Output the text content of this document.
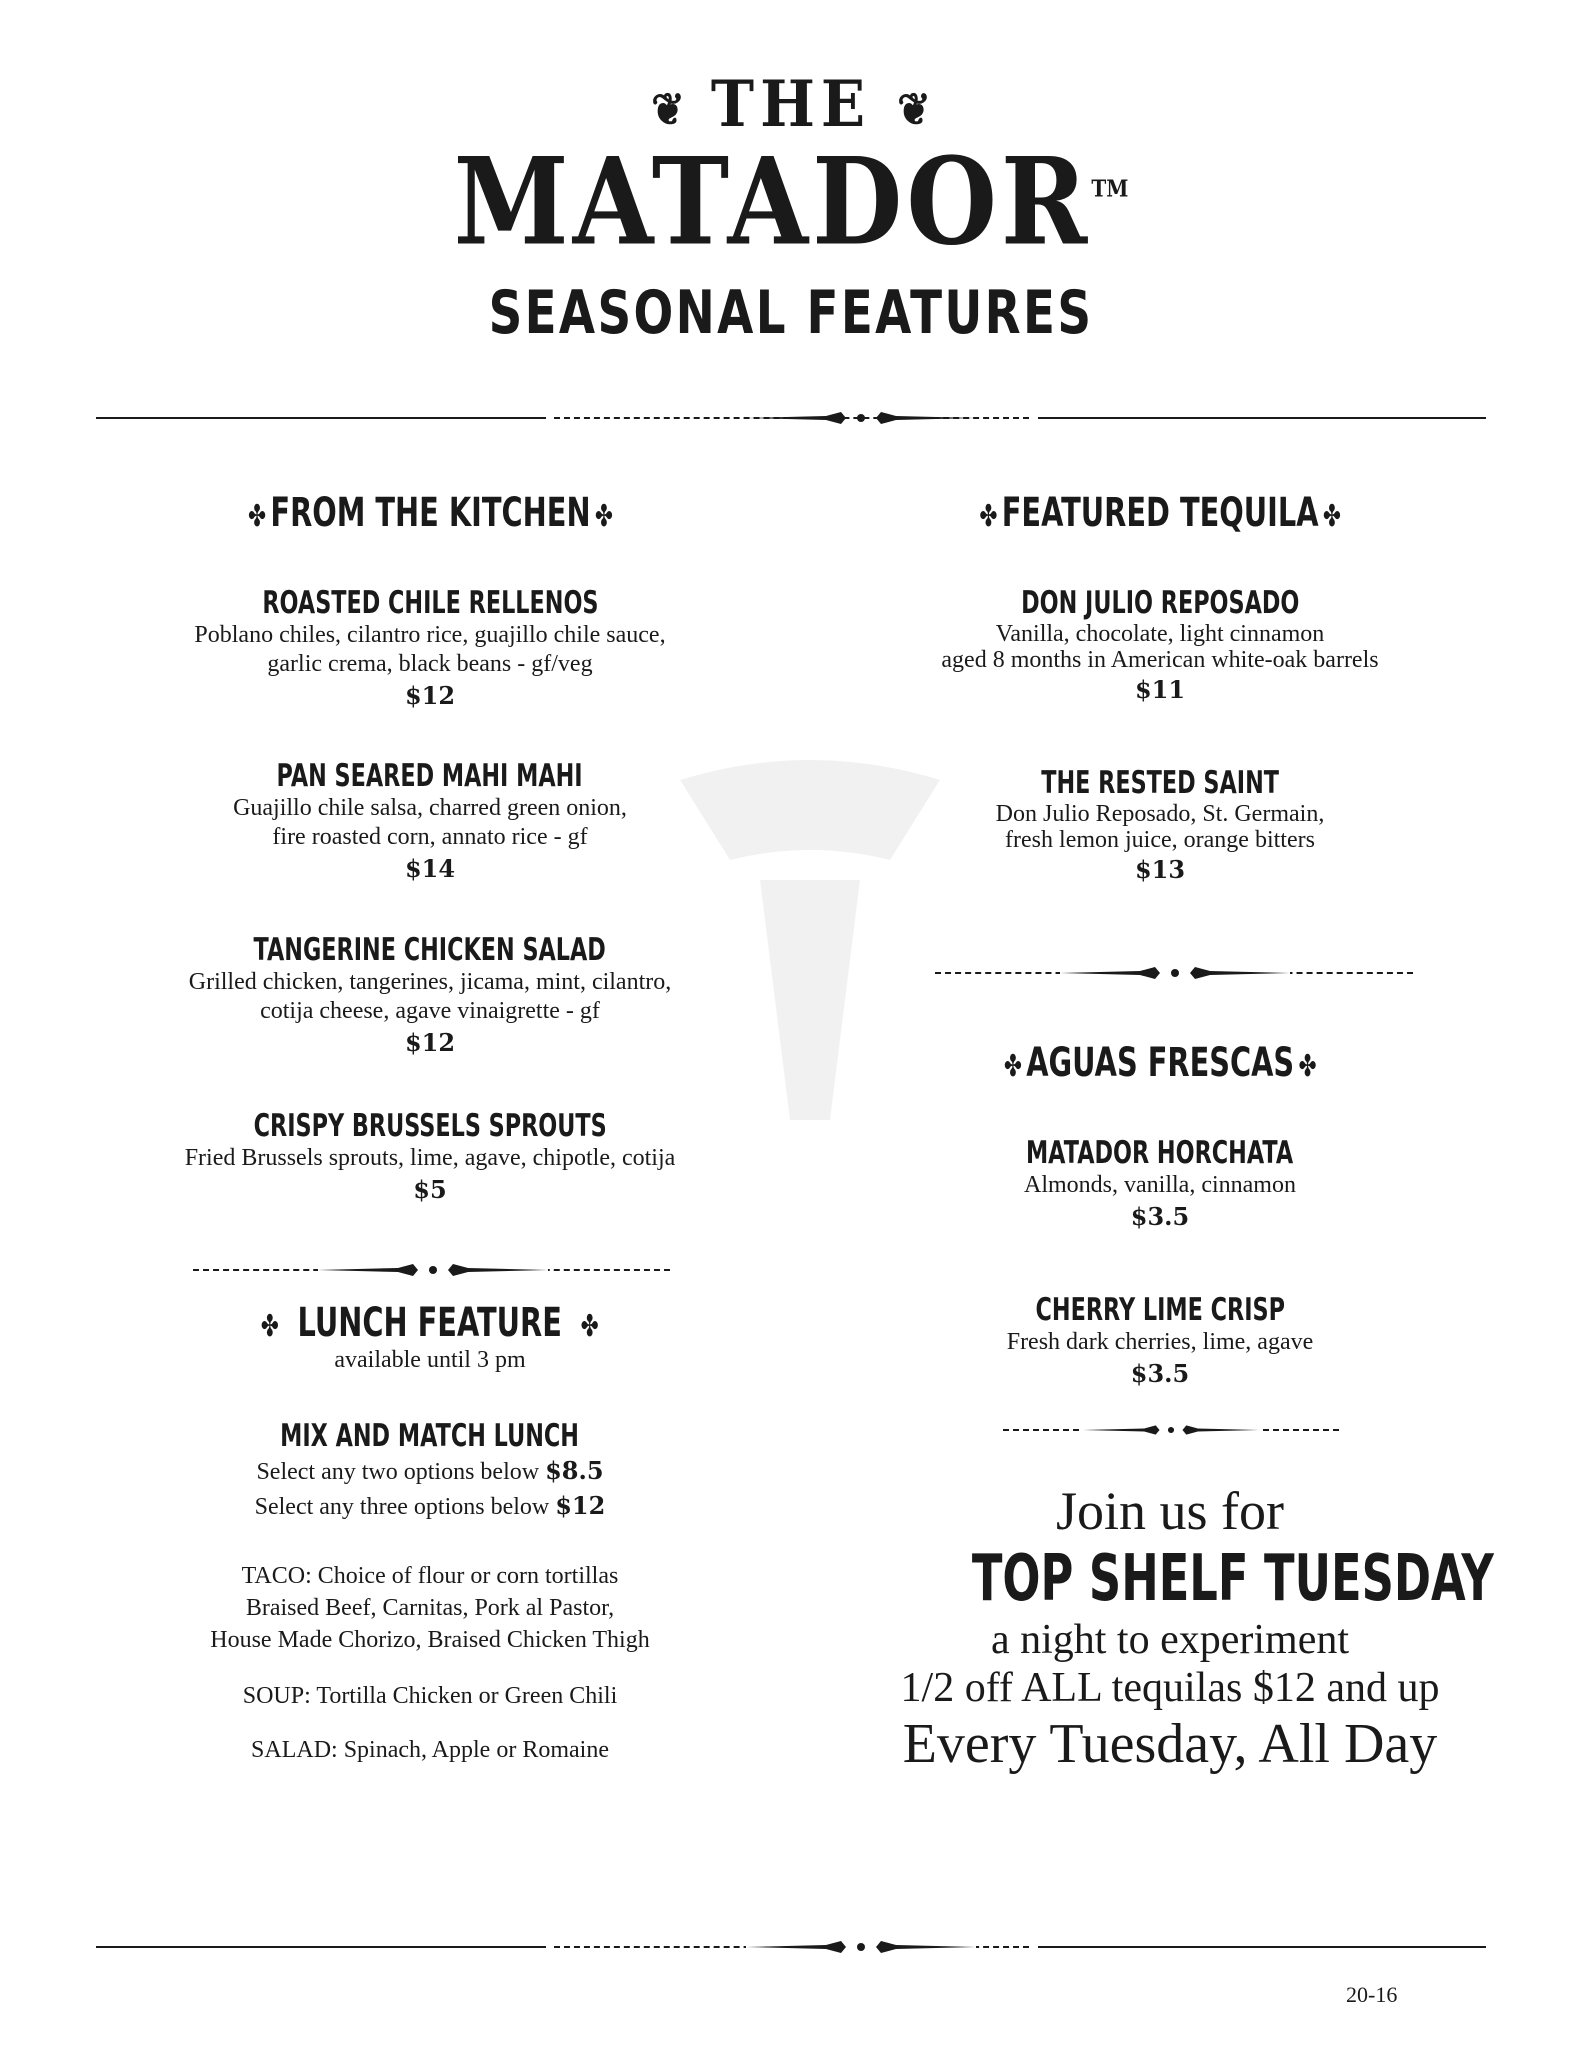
❦ THE ❦
MATADOR™
SEASONAL FEATURES
✤ FROM THE KITCHEN ✤
ROASTED CHILE RELLENOS
Poblano chiles, cilantro rice, guajillo chile sauce,
garlic crema, black beans - gf/veg
$12
PAN SEARED MAHI MAHI
Guajillo chile salsa, charred green onion,
fire roasted corn, annato rice - gf
$14
TANGERINE CHICKEN SALAD
Grilled chicken, tangerines, jicama, mint, cilantro,
cotija cheese, agave vinaigrette - gf
$12
CRISPY BRUSSELS SPROUTS
Fried Brussels sprouts, lime, agave, chipotle, cotija
$5
✤ LUNCH FEATURE ✤
available until 3 pm
MIX AND MATCH LUNCH
Select any two options below $8.5
Select any three options below $12
TACO: Choice of flour or corn tortillas
Braised Beef, Carnitas, Pork al Pastor,
House Made Chorizo, Braised Chicken Thigh
SOUP: Tortilla Chicken or Green Chili
SALAD: Spinach, Apple or Romaine
✤ FEATURED TEQUILA ✤
DON JULIO REPOSADO
Vanilla, chocolate, light cinnamon
aged 8 months in American white-oak barrels
$11
THE RESTED SAINT
Don Julio Reposado, St. Germain,
fresh lemon juice, orange bitters
$13
✤ AGUAS FRESCAS ✤
MATADOR HORCHATA
Almonds, vanilla, cinnamon
$3.5
CHERRY LIME CRISP
Fresh dark cherries, lime, agave
$3.5
Join us for
TOP SHELF TUESDAY
a night to experiment
1/2 off ALL tequilas $12 and up
Every Tuesday, All Day
20-16
